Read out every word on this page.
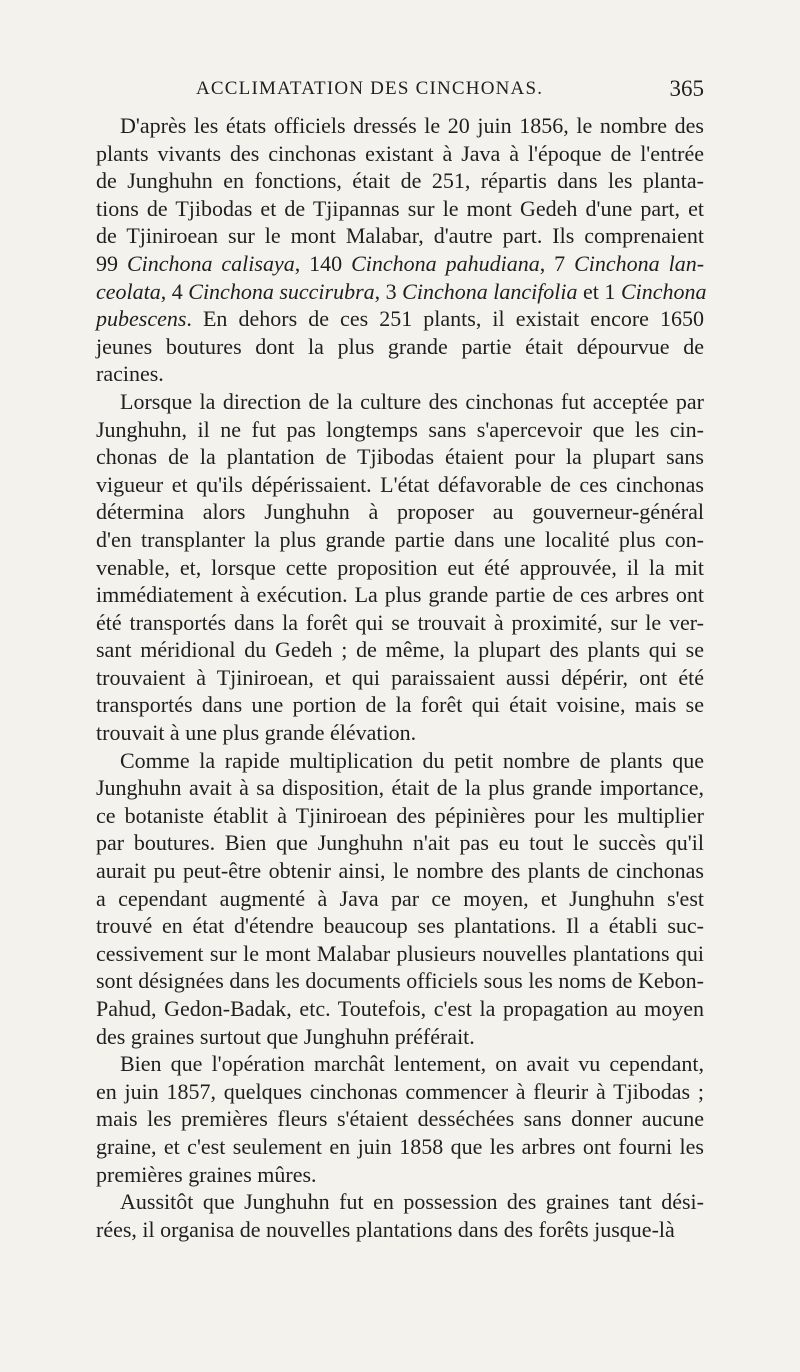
ACCLIMATATION DES CINCHONAS.	365
D'après les états officiels dressés le 20 juin 1856, le nombre des
plants vivants des cinchonas existant à Java à l'époque de l'entrée
de Junghuhn en fonctions, était de 251, répartis dans les planta-
tions de Tjibodas et de Tjipannas sur le mont Gedeh d'une part, et
de Tjiniroean sur le mont Malabar, d'autre part. Ils comprenaient
99 Cinchona calisaya, 140 Cinchona pahudiana, 7 Cinchona lan-
ceolata, 4 Cinchona succirubra, 3 Cinchona lancifolia et 1 Cinchona
pubescens. En dehors de ces 251 plants, il existait encore 1650
jeunes boutures dont la plus grande partie était dépourvue de
racines.
Lorsque la direction de la culture des cinchonas fut acceptée par
Junghuhn, il ne fut pas longtemps sans s'apercevoir que les cin-
chonas de la plantation de Tjibodas étaient pour la plupart sans
vigueur et qu'ils dépérissaient. L'état défavorable de ces cinchonas
détermina alors Junghuhn à proposer au gouverneur-général
d'en transplanter la plus grande partie dans une localité plus con-
venable, et, lorsque cette proposition eut été approuvée, il la mit
immédiatement à exécution. La plus grande partie de ces arbres ont
été transportés dans la forêt qui se trouvait à proximité, sur le ver-
sant méridional du Gedeh ; de même, la plupart des plants qui se
trouvaient à Tjiniroean, et qui paraissaient aussi dépérir, ont été
transportés dans une portion de la forêt qui était voisine, mais se
trouvait à une plus grande élévation.
Comme la rapide multiplication du petit nombre de plants que
Junghuhn avait à sa disposition, était de la plus grande importance,
ce botaniste établit à Tjiniroean des pépinières pour les multiplier
par boutures. Bien que Junghuhn n'ait pas eu tout le succès qu'il
aurait pu peut-être obtenir ainsi, le nombre des plants de cinchonas
a cependant augmenté à Java par ce moyen, et Junghuhn s'est
trouvé en état d'étendre beaucoup ses plantations. Il a établi suc-
cessivement sur le mont Malabar plusieurs nouvelles plantations qui
sont désignées dans les documents officiels sous les noms de Kebon-
Pahud, Gedon-Badak, etc. Toutefois, c'est la propagation au moyen
des graines surtout que Junghuhn préférait.
Bien que l'opération marchât lentement, on avait vu cependant,
en juin 1857, quelques cinchonas commencer à fleurir à Tjibodas ;
mais les premières fleurs s'étaient desséchées sans donner aucune
graine, et c'est seulement en juin 1858 que les arbres ont fourni les
premières graines mûres.
Aussitôt que Junghuhn fut en possession des graines tant dési-
rées, il organisa de nouvelles plantations dans des forêts jusque-là
